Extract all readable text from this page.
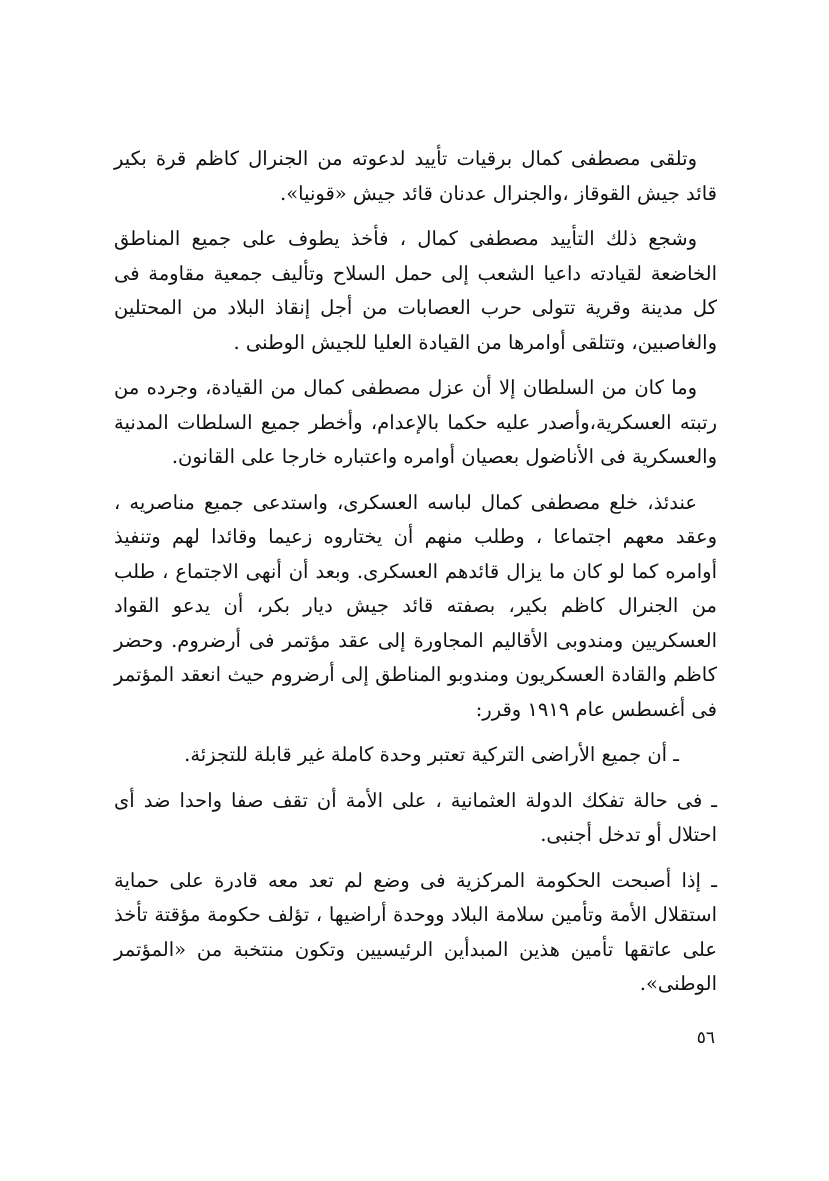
وتلقى مصطفى كمال برقيات تأييد لدعوته من الجنرال كاظم قرة بكير قائد جيش القوقاز ،والجنرال عدنان قائد جيش «قونيا».

وشجع ذلك التأييد مصطفى كمال ، فأخذ يطوف على جميع المناطق الخاضعة لقيادته داعيا الشعب إلى حمل السلاح وتأليف جمعية مقاومة فى كل مدينة وقرية تتولى حرب العصابات من أجل إنقاذ البلاد من المحتلين والغاصبين، وتتلقى أوامرها من القيادة العليا للجيش الوطنى .

وما كان من السلطان إلا أن عزل مصطفى كمال من القيادة، وجرده من رتبته العسكرية،وأصدر عليه حكما بالإعدام، وأخطر جميع السلطات المدنية والعسكرية فى الأناضول بعصيان أوامره واعتباره خارجا على القانون.

عندئذ، خلع مصطفى كمال لباسه العسكرى، واستدعى جميع مناصريه ، وعقد معهم اجتماعا ، وطلب منهم أن يختاروه زعيما وقائدا لهم وتنفيذ أوامره كما لو كان ما يزال قائدهم العسكرى. وبعد أن أنهى الاجتماع ، طلب من الجنرال كاظم بكير، بصفته قائد جيش ديار بكر، أن يدعو القواد العسكريين ومندوبى الأقاليم المجاورة إلى عقد مؤتمر فى أرضروم. وحضر كاظم والقادة العسكريون ومندوبو المناطق إلى أرضروم حيث انعقد المؤتمر فى أغسطس عام ١٩١٩ وقرر:

ـ أن جميع الأراضى التركية تعتبر وحدة كاملة غير قابلة للتجزئة.

ـ فى حالة تفكك الدولة العثمانية ، على الأمة أن تقف صفا واحدا ضد أى احتلال أو تدخل أجنبى.

ـ إذا أصبحت الحكومة المركزية فى وضع لم تعد معه قادرة على حماية استقلال الأمة وتأمين سلامة البلاد ووحدة أراضيها ، تؤلف حكومة مؤقتة تأخذ على عاتقها تأمين هذين المبدأين الرئيسيين وتكون منتخبة من «المؤتمر الوطنى».

٥٦
